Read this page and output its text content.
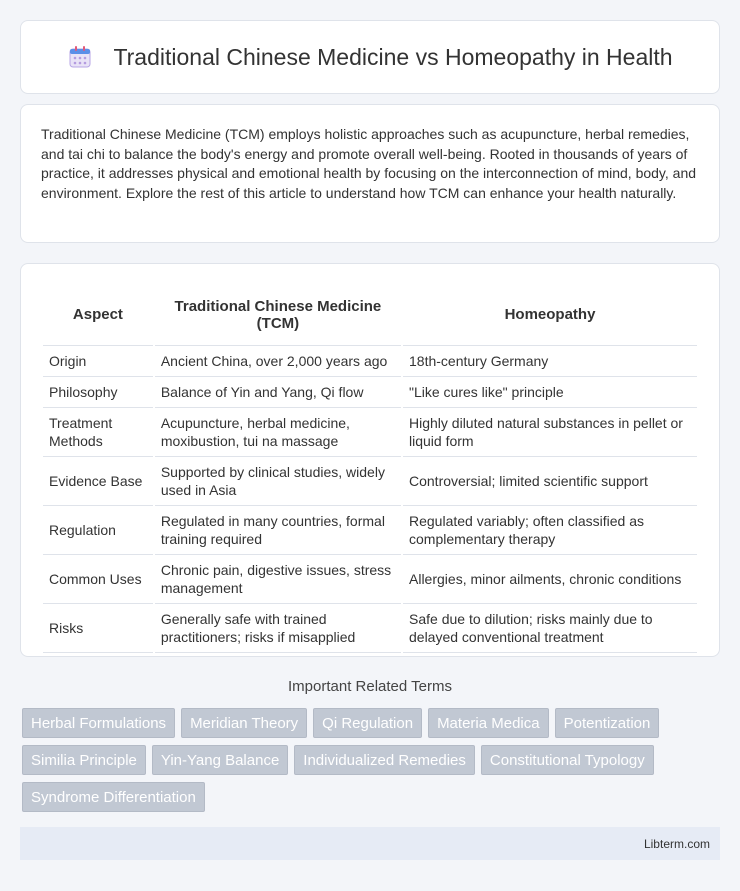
Traditional Chinese Medicine vs Homeopathy in Health

Traditional Chinese Medicine (TCM) employs holistic approaches such as acupuncture, herbal remedies, and tai chi to balance the body's energy and promote overall well-being. Rooted in thousands of years of practice, it addresses physical and emotional health by focusing on the interconnection of mind, body, and environment. Explore the rest of this article to understand how TCM can enhance your health naturally.

Aspect	Traditional Chinese Medicine (TCM)	Homeopathy
Origin	Ancient China, over 2,000 years ago	18th-century Germany
Philosophy	Balance of Yin and Yang, Qi flow	"Like cures like" principle
Treatment Methods	Acupuncture, herbal medicine, moxibustion, tui na massage	Highly diluted natural substances in pellet or liquid form
Evidence Base	Supported by clinical studies, widely used in Asia	Controversial; limited scientific support
Regulation	Regulated in many countries, formal training required	Regulated variably; often classified as complementary therapy
Common Uses	Chronic pain, digestive issues, stress management	Allergies, minor ailments, chronic conditions
Risks	Generally safe with trained practitioners; risks if misapplied	Safe due to dilution; risks mainly due to delayed conventional treatment
Important Related Terms
Herbal Formulations	Meridian Theory	Qi Regulation	Materia Medica	Potentization
Similia Principle	Yin-Yang Balance	Individualized Remedies	Constitutional Typology
Syndrome Differentiation
Libterm.com
